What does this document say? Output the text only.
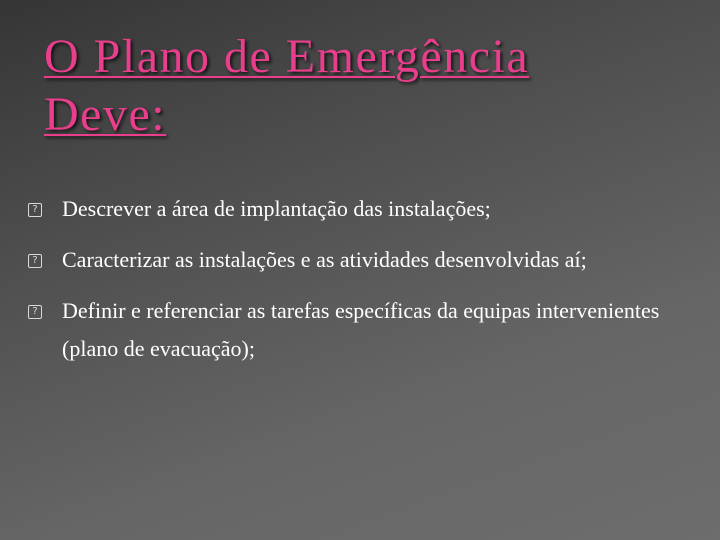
O Plano de Emergência
Deve:
?
Descrever a área de implantação das instalações;
?
Caracterizar as instalações e as atividades desenvolvidas aí;
?
Definir e referenciar as tarefas específicas da equipas intervenientes (plano de evacuação);
